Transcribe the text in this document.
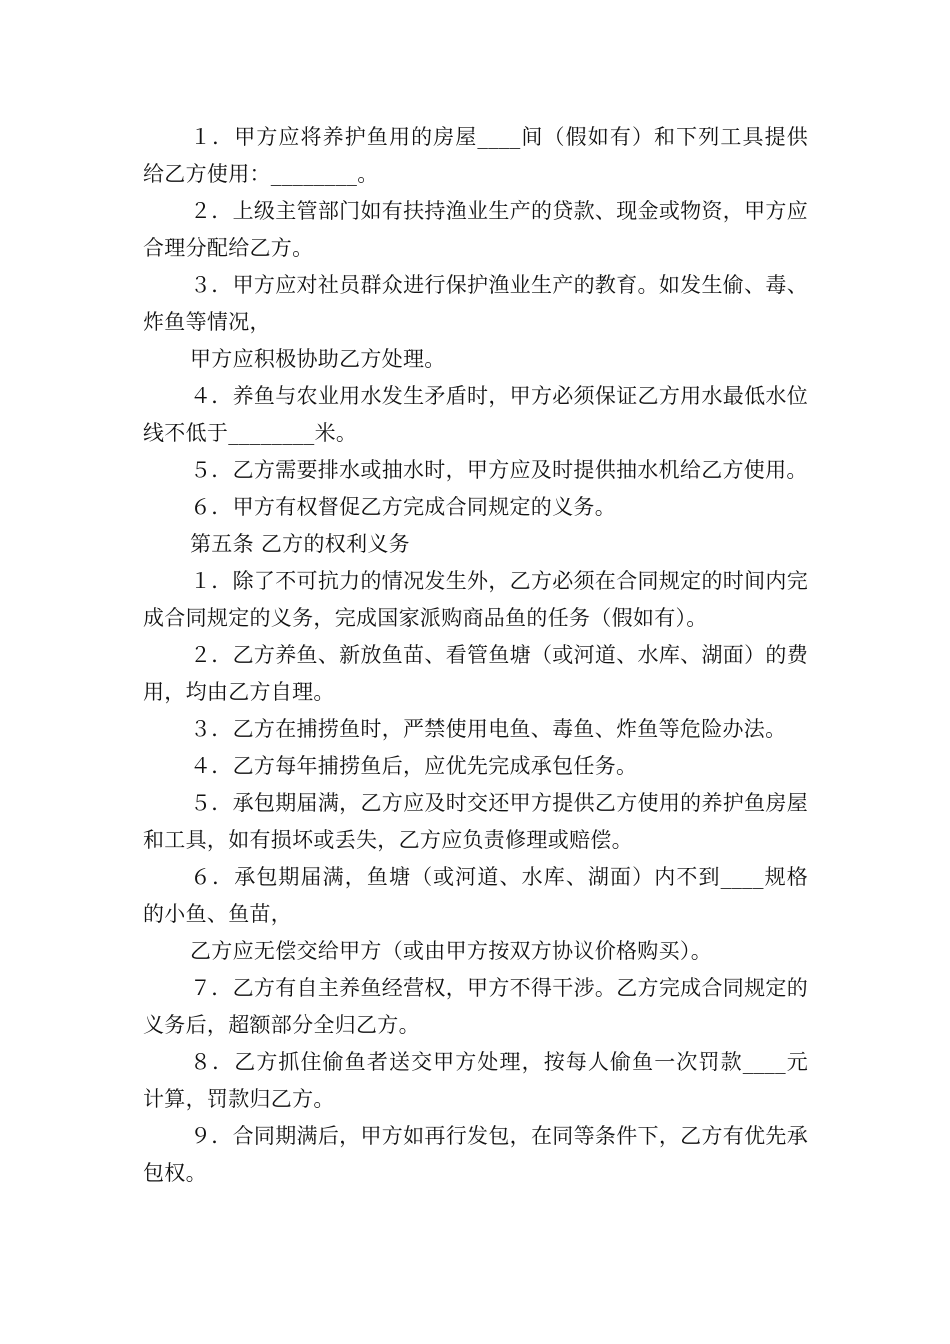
１．甲方应将养护鱼用的房屋____间（假如有）和下列工具提供给乙方使用：________。

２．上级主管部门如有扶持渔业生产的贷款、现金或物资，甲方应合理分配给乙方。

３．甲方应对社员群众进行保护渔业生产的教育。如发生偷、毒、炸鱼等情况，

甲方应积极协助乙方处理。

４．养鱼与农业用水发生矛盾时，甲方必须保证乙方用水最低水位线不低于________米。

５．乙方需要排水或抽水时，甲方应及时提供抽水机给乙方使用。

６．甲方有权督促乙方完成合同规定的义务。

第五条 乙方的权利义务

１．除了不可抗力的情况发生外，乙方必须在合同规定的时间内完成合同规定的义务，完成国家派购商品鱼的任务（假如有）。

２．乙方养鱼、新放鱼苗、看管鱼塘（或河道、水库、湖面）的费用，均由乙方自理。

３．乙方在捕捞鱼时，严禁使用电鱼、毒鱼、炸鱼等危险办法。

４．乙方每年捕捞鱼后，应优先完成承包任务。

５．承包期届满，乙方应及时交还甲方提供乙方使用的养护鱼房屋和工具，如有损坏或丢失，乙方应负责修理或赔偿。

６．承包期届满，鱼塘（或河道、水库、湖面）内不到____规格的小鱼、鱼苗，

乙方应无偿交给甲方（或由甲方按双方协议价格购买）。

７．乙方有自主养鱼经营权，甲方不得干涉。乙方完成合同规定的义务后，超额部分全归乙方。

８．乙方抓住偷鱼者送交甲方处理，按每人偷鱼一次罚款____元计算，罚款归乙方。

９．合同期满后，甲方如再行发包，在同等条件下，乙方有优先承包权。
